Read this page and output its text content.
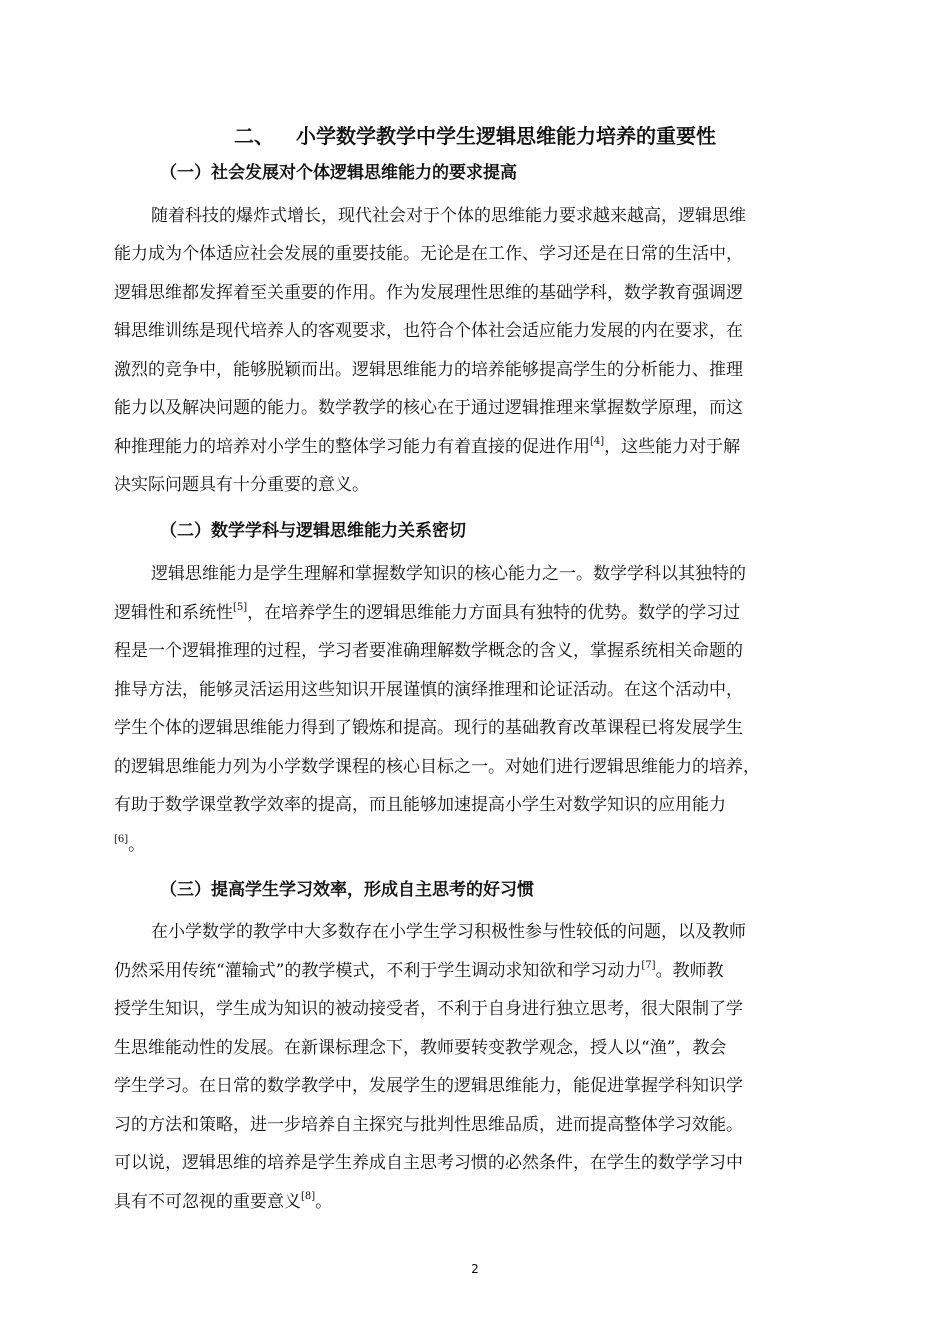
二、 小学数学教学中学生逻辑思维能力培养的重要性
（一）社会发展对个体逻辑思维能力的要求提高
随着科技的爆炸式增长，现代社会对于个体的思维能力要求越来越高，逻辑思维
能力成为个体适应社会发展的重要技能。无论是在工作、学习还是在日常的生活中，
逻辑思维都发挥着至关重要的作用。作为发展理性思维的基础学科，数学教育强调逻
辑思维训练是现代培养人的客观要求，也符合个体社会适应能力发展的内在要求，在
激烈的竞争中，能够脱颖而出。逻辑思维能力的培养能够提高学生的分析能力、推理
能力以及解决问题的能力。数学教学的核心在于通过逻辑推理来掌握数学原理，而这
种推理能力的培养对小学生的整体学习能力有着直接的促进作用[4]，这些能力对于解
决实际问题具有十分重要的意义。
（二）数学学科与逻辑思维能力关系密切
逻辑思维能力是学生理解和掌握数学知识的核心能力之一。数学学科以其独特的
逻辑性和系统性[5]，在培养学生的逻辑思维能力方面具有独特的优势。数学的学习过
程是一个逻辑推理的过程，学习者要准确理解数学概念的含义，掌握系统相关命题的
推导方法，能够灵活运用这些知识开展谨慎的演绎推理和论证活动。在这个活动中，
学生个体的逻辑思维能力得到了锻炼和提高。现行的基础教育改革课程已将发展学生
的逻辑思维能力列为小学数学课程的核心目标之一。对她们进行逻辑思维能力的培养，
有助于数学课堂教学效率的提高，而且能够加速提高小学生对数学知识的应用能力
[6]。
（三）提高学生学习效率，形成自主思考的好习惯
在小学数学的教学中大多数存在小学生学习积极性参与性较低的问题，以及教师
仍然采用传统“灌输式”的教学模式，不利于学生调动求知欲和学习动力[7]。教师教
授学生知识，学生成为知识的被动接受者，不利于自身进行独立思考，很大限制了学
生思维能动性的发展。在新课标理念下，教师要转变教学观念，授人以“渔”，教会
学生学习。在日常的数学教学中，发展学生的逻辑思维能力，能促进掌握学科知识学
习的方法和策略，进一步培养自主探究与批判性思维品质，进而提高整体学习效能。
可以说，逻辑思维的培养是学生养成自主思考习惯的必然条件，在学生的数学学习中
具有不可忽视的重要意义[8]。
2
